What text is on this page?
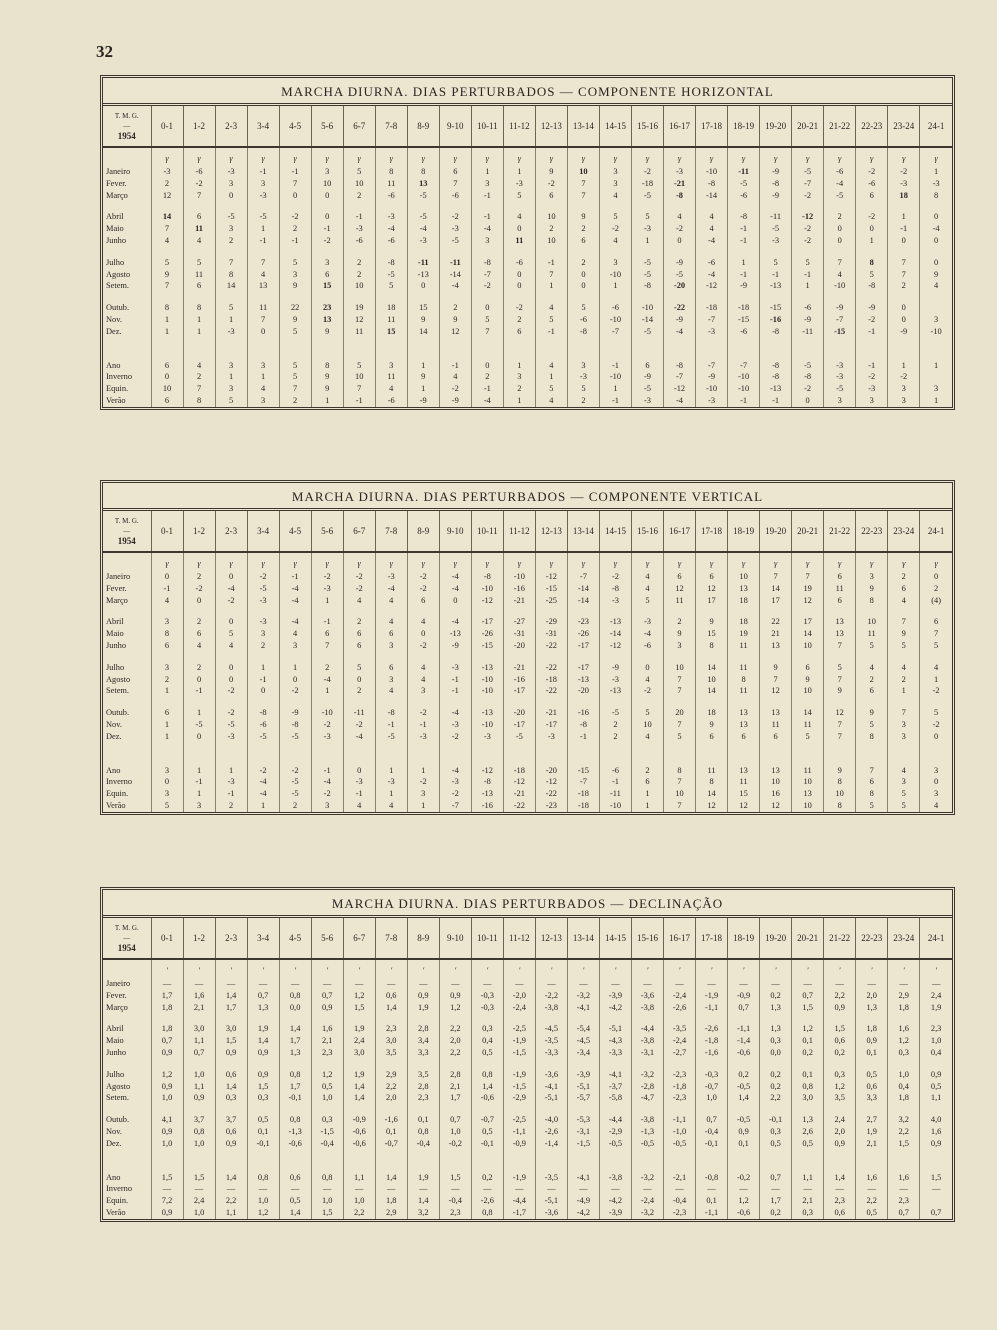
32
MARCHA DIURNA. DIAS PERTURBADOS — COMPONENTE HORIZONTAL
T. M. G.
—
1954	0-1	1-2	2-3	3-4	4-5	5-6	6-7	7-8	8-9	9-10	10-11	11-12	12-13	13-14	14-15	15-16	16-17	17-18	18-19	19-20	20-21	21-22	22-23	23-24	24-1
	γ	γ	γ	γ	γ	γ	γ	γ	γ	γ	γ	γ	γ	γ	γ	γ	γ	γ	γ	γ	γ	γ	γ	γ	γ
Janeiro	-3	-6	-3	-1	-1	3	5	8	8	6	1	1	9	10	3	-2	-3	-10	-11	-9	-5	-6	-2	-2	1
Fever.	2	-2	3	3	7	10	10	11	13	7	3	-3	-2	7	3	-18	-21	-8	-5	-8	-7	-4	-6	-3	-3
Março	12	7	0	-3	0	0	2	-6	-5	-6	-1	5	6	7	4	-5	-8	-14	-6	-9	-2	-5	6	18	8

Abril	14	6	-5	-5	-2	0	-1	-3	-5	-2	-1	4	10	9	5	5	4	4	-8	-11	-12	2	-2	1	0
Maio	7	11	3	1	2	-1	-3	-4	-4	-3	-4	0	2	2	-2	-3	-2	4	-1	-5	-2	0	0	-1	-4
Junho	4	4	2	-1	-1	-2	-6	-6	-3	-5	3	11	10	6	4	1	0	-4	-1	-3	-2	0	1	0	0

Julho	5	5	7	7	5	3	2	-8	-11	-11	-8	-6	-1	2	3	-5	-9	-6	1	5	5	7	8	7	0
Agosto	9	11	8	4	3	6	2	-5	-13	-14	-7	0	7	0	-10	-5	-5	-4	-1	-1	-1	4	5	7	9
Setem.	7	6	14	13	9	15	10	5	0	-4	-2	0	1	0	1	-8	-20	-12	-9	-13	1	-10	-8	2	4

Outub.	8	8	5	11	22	23	19	18	15	2	0	-2	4	5	-6	-10	-22	-18	-18	-15	-6	-9	-9	0	
Nov.	1	1	1	7	9	13	12	11	9	9	5	2	5	-6	-10	-14	-9	-7	-15	-16	-9	-7	-2	0	3
Dez.	1	1	-3	0	5	9	11	15	14	12	7	6	-1	-8	-7	-5	-4	-3	-6	-8	-11	-15	-1	-9	-10

Ano	6	4	3	3	5	8	5	3	1	-1	0	1	4	3	-1	6	-8	-7	-7	-8	-5	-3	-1	1	1
Inverno	0	2	1	1	5	9	10	11	9	4	2	3	1	-3	-10	-9	-7	-9	-10	-8	-8	-3	-2	-2	
Equin.	10	7	3	4	7	9	7	4	1	-2	-1	2	5	5	1	-5	-12	-10	-10	-13	-2	-5	-3	3	3
Verão	6	8	5	3	2	1	-1	-6	-9	-9	-4	1	4	2	-1	-3	-4	-3	-1	-1	0	3	3	3	1

MARCHA DIURNA. DIAS PERTURBADOS — COMPONENTE VERTICAL
T. M. G.
—
1954	0-1	1-2	2-3	3-4	4-5	5-6	6-7	7-8	8-9	9-10	10-11	11-12	12-13	13-14	14-15	15-16	16-17	17-18	18-19	19-20	20-21	21-22	22-23	23-24	24-1
	γ	γ	γ	γ	γ	γ	γ	γ	γ	γ	γ	γ	γ	γ	γ	γ	γ	γ	γ	γ	γ	γ	γ	γ	γ
Janeiro	0	2	0	-2	-1	-2	-2	-3	-2	-4	-8	-10	-12	-7	-2	4	6	6	10	7	7	6	3	2	0
Fever.	-1	-2	-4	-5	-4	-3	-2	-4	-2	-4	-10	-16	-15	-14	-8	4	12	12	13	14	19	11	9	6	2
Março	4	0	-2	-3	-4	1	4	4	6	0	-12	-21	-25	-14	-3	5	11	17	18	17	12	6	8	4	(4)

Abril	3	2	0	-3	-4	-1	2	4	4	-4	-17	-27	-29	-23	-13	-3	2	9	18	22	17	13	10	7	6
Maio	8	6	5	3	4	6	6	6	0	-13	-26	-31	-31	-26	-14	-4	9	15	19	21	14	13	11	9	7
Junho	6	4	4	2	3	7	6	3	-2	-9	-15	-20	-22	-17	-12	-6	3	8	11	13	10	7	5	5	5

Julho	3	2	0	1	1	2	5	6	4	-3	-13	-21	-22	-17	-9	0	10	14	11	9	6	5	4	4	4
Agosto	2	0	0	-1	0	-4	0	3	4	-1	-10	-16	-18	-13	-3	4	7	10	8	7	9	7	2	2	1
Setem.	1	-1	-2	0	-2	1	2	4	3	-1	-10	-17	-22	-20	-13	-2	7	14	11	12	10	9	6	1	-2

Outub.	6	1	-2	-8	-9	-10	-11	-8	-2	-4	-13	-20	-21	-16	-5	5	20	18	13	13	14	12	9	7	5
Nov.	1	-5	-5	-6	-8	-2	-2	-1	-1	-3	-10	-17	-17	-8	2	10	7	9	13	11	11	7	5	3	-2
Dez.	1	0	-3	-5	-5	-3	-4	-5	-3	-2	-3	-5	-3	-1	2	4	5	6	6	6	5	7	8	3	0

Ano	3	1	1	-2	-2	-1	0	1	1	-4	-12	-18	-20	-15	-6	2	8	11	13	13	11	9	7	4	3
Inverno	0	-1	-3	-4	-5	-4	-3	-3	-2	-3	-8	-12	-12	-7	-1	6	7	8	11	10	10	8	6	3	0
Equin.	3	1	-1	-4	-5	-2	-1	1	3	-2	-13	-21	-22	-18	-11	1	10	14	15	16	13	10	8	5	3
Verão	5	3	2	1	2	3	4	4	1	-7	-16	-22	-23	-18	-10	1	7	12	12	12	10	8	5	5	4

MARCHA DIURNA. DIAS PERTURBADOS — DECLINAÇÃO
T. M. G.
—
1954	0-1	1-2	2-3	3-4	4-5	5-6	6-7	7-8	8-9	9-10	10-11	11-12	12-13	13-14	14-15	15-16	16-17	17-18	18-19	19-20	20-21	21-22	22-23	23-24	24-1
	′	′	′	′	′	′	′	′	′	′	′	′	′	′	′	′	′	′	′	′	′	′	′	′	′
Janeiro	—	—	—	—	—	—	—	—	—	—	—	—	—	—	—	—	—	—	—	—	—	—	—	—	—
Fever.	1,7	1,6	1,4	0,7	0,8	0,7	1,2	0,6	0,9	0,9	-0,3	-2,0	-2,2	-3,2	-3,9	-3,6	-2,4	-1,9	-0,9	0,2	0,7	2,2	2,0	2,9	2,4
Março	1,8	2,1	1,7	1,3	0,0	0,9	1,5	1,4	1,9	1,2	-0,3	-2,4	-3,8	-4,1	-4,2	-3,8	-2,6	-1,1	0,7	1,3	1,5	0,9	1,3	1,8	1,9

Abril	1,8	3,0	3,0	1,9	1,4	1,6	1,9	2,3	2,8	2,2	0,3	-2,5	-4,5	-5,4	-5,1	-4,4	-3,5	-2,6	-1,1	1,3	1,2	1,5	1,8	1,6	2,3
Maio	0,7	1,1	1,5	1,4	1,7	2,1	2,4	3,0	3,4	2,0	0,4	-1,9	-3,5	-4,5	-4,3	-3,8	-2,4	-1,8	-1,4	0,3	0,1	0,6	0,9	1,2	1,0
Junho	0,9	0,7	0,9	0,9	1,3	2,3	3,0	3,5	3,3	2,2	0,5	-1,5	-3,3	-3,4	-3,3	-3,1	-2,7	-1,6	-0,6	0,0	0,2	0,2	0,1	0,3	0,4

Julho	1,2	1,0	0,6	0,9	0,8	1,2	1,9	2,9	3,5	2,8	0,8	-1,9	-3,6	-3,9	-4,1	-3,2	-2,3	-0,3	0,2	0,2	0,1	0,3	0,5	1,0	0,9
Agosto	0,9	1,1	1,4	1,5	1,7	0,5	1,4	2,2	2,8	2,1	1,4	-1,5	-4,1	-5,1	-3,7	-2,8	-1,8	-0,7	-0,5	0,2	0,8	1,2	0,6	0,4	0,5
Setem.	1,0	0,9	0,3	0,3	-0,1	1,0	1,4	2,0	2,3	1,7	-0,6	-2,9	-5,1	-5,7	-5,8	-4,7	-2,3	1,0	1,4	2,2	3,0	3,5	3,3	1,8	1,1

Outub.	4,1	3,7	3,7	0,5	0,8	0,3	-0,9	-1,6	0,1	0,7	-0,7	-2,5	-4,0	-5,3	-4,4	-3,8	-1,1	0,7	-0,5	-0,1	1,3	2,4	2,7	3,2	4,0
Nov.	0,9	0,8	0,6	0,1	-1,3	-1,5	-0,6	0,1	0,8	1,0	0,5	-1,1	-2,6	-3,1	-2,9	-1,3	-1,0	-0,4	0,9	0,3	2,6	2,0	1,9	2,2	1,6
Dez.	1,0	1,0	0,9	-0,1	-0,6	-0,4	-0,6	-0,7	-0,4	-0,2	-0,1	-0,9	-1,4	-1,5	-0,5	-0,5	-0,5	-0,1	0,1	0,5	0,5	0,9	2,1	1,5	0,9

Ano	1,5	1,5	1,4	0,8	0,6	0,8	1,1	1,4	1,9	1,5	0,2	-1,9	-3,5	-4,1	-3,8	-3,2	-2,1	-0,8	-0,2	0,7	1,1	1,4	1,6	1,6	1,5
Inverno	—	—	—	—	—	—	—	—	—	—	—	—	—	—	—	—	—	—	—	—	—	—	—	—	—
Equin.	7,2	2,4	2,2	1,0	0,5	1,0	1,0	1,8	1,4	-0,4	-2,6	-4,4	-5,1	-4,9	-4,2	-2,4	-0,4	0,1	1,2	1,7	2,1	2,3	2,2	2,3	
Verão	0,9	1,0	1,1	1,2	1,4	1,5	2,2	2,9	3,2	2,3	0,8	-1,7	-3,6	-4,2	-3,9	-3,2	-2,3	-1,1	-0,6	0,2	0,3	0,6	0,5	0,7	0,7
